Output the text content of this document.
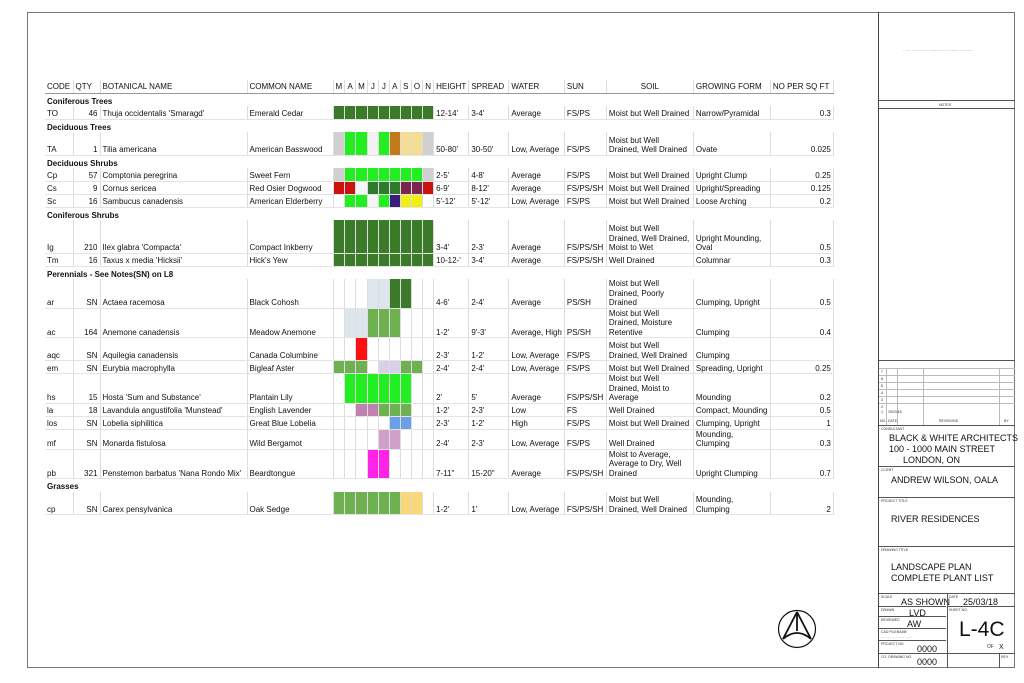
CODE	QTY	BOTANICAL NAME	COMMON NAME	M	A	M	J	J	A	S	O	N	HEIGHT	SPREAD	WATER	SUN	SOIL	GROWING FORM	NO PER SQ FT
Coniferous Trees																			
TO	46	Thuja occidentalis 'Smaragd'	Emerald Cedar										12-14'	3-4'	Average	FS/PS	Moist but Well Drained	Narrow/Pyramidal	0.3
Deciduous Trees																			
TA	1	Tilia americana	American Basswood										50-80'	30-50'	Low, Average	FS/PS	Moist but Well Drained, Well Drained	Ovate	0.025
Deciduous Shrubs																			
Cp	57	Comptonia peregrina	Sweet Fern										2-5'	4-8'	Average	FS/PS	Moist but Well Drained	Upright Clump	0.25
Cs	9	Cornus sericea	Red Osier Dogwood										6-9'	8-12'	Average	FS/PS/SH	Moist but Well Drained	Upright/Spreading	0.125
Sc	16	Sambucus canadensis	American Elderberry										5'-12'	5'-12'	Low, Average	FS/PS	Moist but Well Drained	Loose Arching	0.2
Coniferous Shrubs																			
Ig	210	Ilex glabra 'Compacta'	Compact Inkberry										3-4'	2-3'	Average	FS/PS/SH	Moist but Well Drained, Well Drained, Moist to Wet	Upright Mounding, Oval	0.5
Tm	16	Taxus x media 'Hicksii'	Hick's Yew										10-12-'	3-4'	Average	FS/PS/SH	Well Drained	Columnar	0.3
Perennials - See Notes(SN) on L8																			
ar	SN	Actaea racemosa	Black Cohosh										4-6'	2-4'	Average	PS/SH	Moist but Well Drained, Poorly Drained	Clumping, Upright	0.5
ac	164	Anemone canadensis	Meadow Anemone										1-2'	9'-3'	Average, High	PS/SH	Moist but Well Drained, Moisture Retentive	Clumping	0.4
aqc	SN	Aquilegia canadensis	Canada Columbine										2-3'	1-2'	Low, Average	FS/PS	Moist but Well Drained, Well Drained	Clumping	
em	SN	Eurybia macrophylla	Bigleaf Aster										2-4'	2-4'	Low, Average	FS/PS	Moist but Well Drained	Spreading, Upright	0.25
hs	15	Hosta 'Sum and Substance'	Plantain Lily										2'	5'	Average	FS/PS/SH	Moist but Well Drained, Moist to Average	Mounding	0.2
la	18	Lavandula angustifolia 'Munstead'	English Lavender										1-2'	2-3'	Low	FS	Well Drained	Compact, Mounding	0.5
los	SN	Lobelia siphilitica	Great Blue Lobelia										2-3'	1-2'	High	FS/PS	Moist but Well Drained	Clumping, Upright	1
mf	SN	Monarda fistulosa	Wild Bergamot										2-4'	2-3'	Low, Average	FS/PS	Well Drained	Mounding, Clumping	0.3
pb	321	Penstemon barbatus 'Nana Rondo Mix'	Beardtongue										7-11"	15-20"	Average	FS/PS/SH	Moist to Average, Average to Dry, Well Drained	Upright Clumping	0.7
Grasses																			
cp	SN	Carex pensylvanica	Oak Sedge										1-2'	1'	Low, Average	FS/PS/SH	Moist but Well Drained, Well Drained	Mounding, Clumping	2
. .... . ..... ....... .... ....... ....... .. ......... . ...... .....
NOTES
7
6
5
4
3
2
1 25/03/18
NO. DATE	REVISIONS	BY
CONSULTANT
BLACK & WHITE ARCHITECTS
100 - 1000 MAIN STREET
LONDON, ON
CLIENT
ANDREW WILSON, OALA
PROJECT TITLE
RIVER RESIDENCES
DRAWING TITLE
LANDSCAPE PLAN
COMPLETE PLANT LIST
SCALE AS SHOWN
DATE 25/03/18
DRAWN LVD	SHEET NO.
L-4C
REVIEWED AW
CAD FILENAME
.......... ..... ... .... ......
PROJECT NO. 0000	OF X
CO. DRAWING NO. 0000	REV.
